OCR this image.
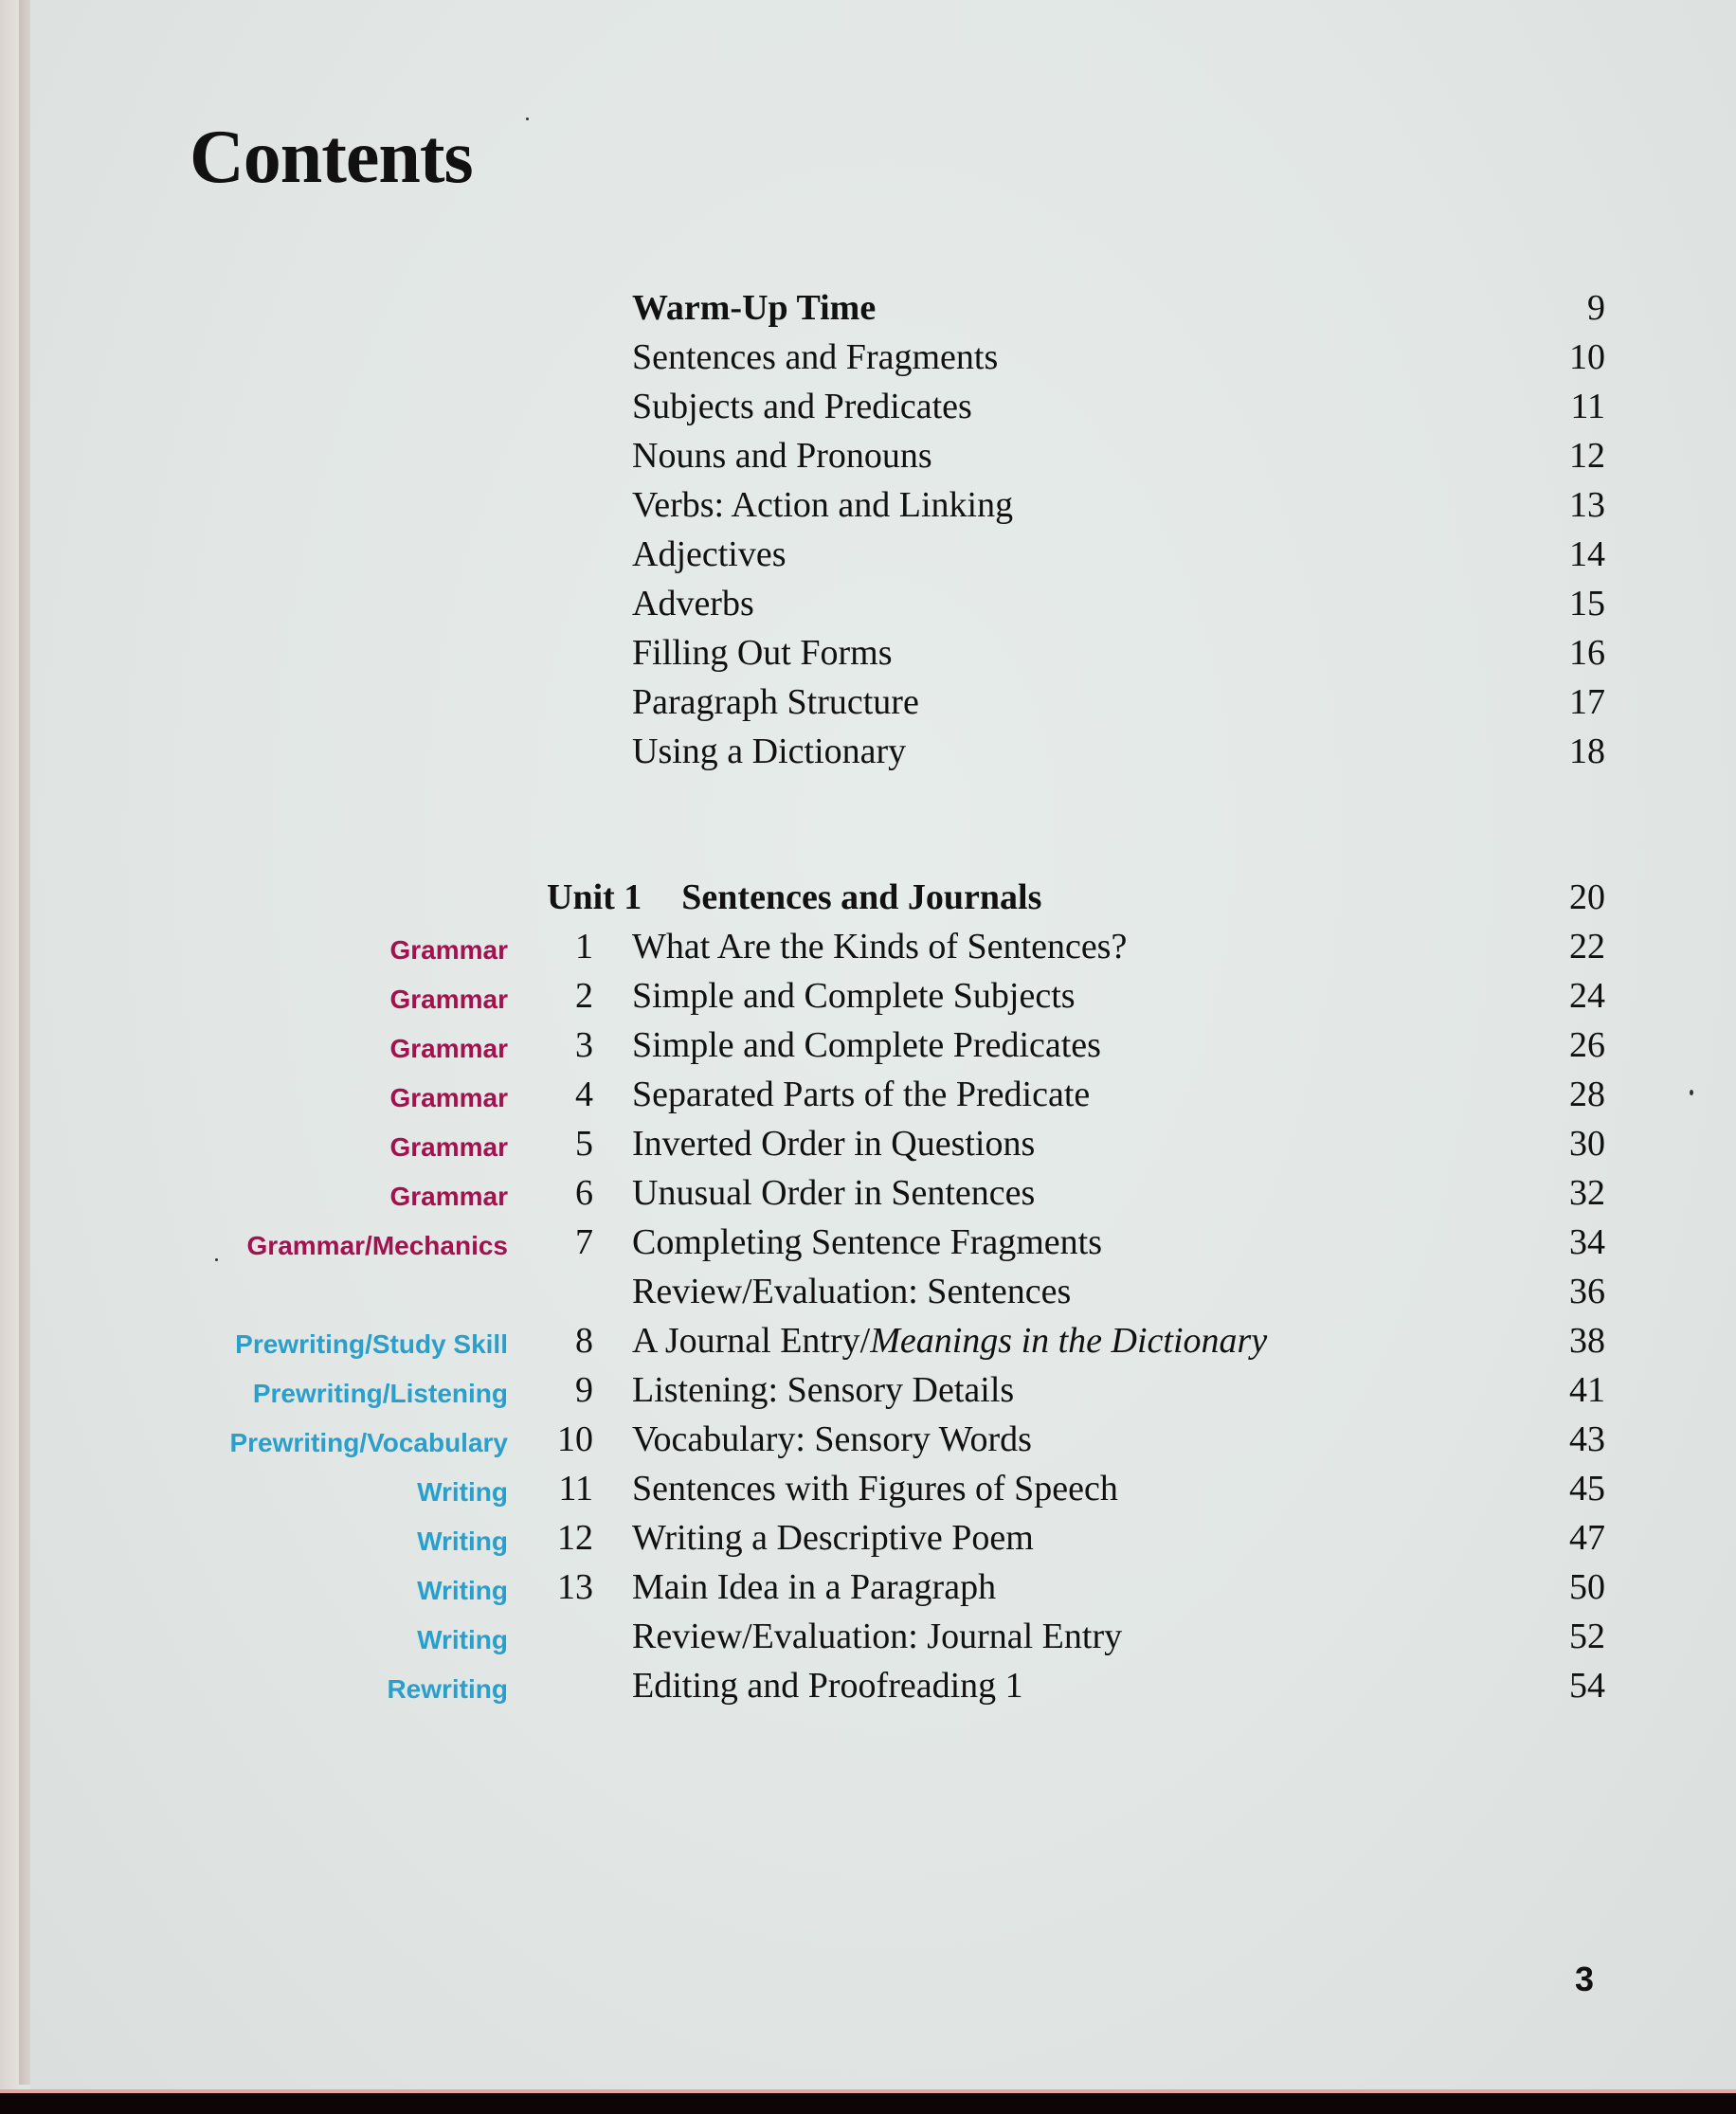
Contents
Warm-Up Time	9
Sentences and Fragments	10
Subjects and Predicates	11
Nouns and Pronouns	12
Verbs: Action and Linking	13
Adjectives	14
Adverbs	15
Filling Out Forms	16
Paragraph Structure	17
Using a Dictionary	18
Unit 1 Sentences and Journals	20
Grammar 1 What Are the Kinds of Sentences?	22
Grammar 2 Simple and Complete Subjects	24
Grammar 3 Simple and Complete Predicates	26
Grammar 4 Separated Parts of the Predicate	28
Grammar 5 Inverted Order in Questions	30
Grammar 6 Unusual Order in Sentences	32
Grammar/Mechanics 7 Completing Sentence Fragments	34
Review/Evaluation: Sentences	36
Prewriting/Study Skill 8 A Journal Entry/Meanings in the Dictionary	38
Prewriting/Listening 9 Listening: Sensory Details	41
Prewriting/Vocabulary 10 Vocabulary: Sensory Words	43
Writing 11 Sentences with Figures of Speech	45
Writing 12 Writing a Descriptive Poem	47
Writing 13 Main Idea in a Paragraph	50
Writing	Review/Evaluation: Journal Entry	52
Rewriting	Editing and Proofreading 1	54
3
